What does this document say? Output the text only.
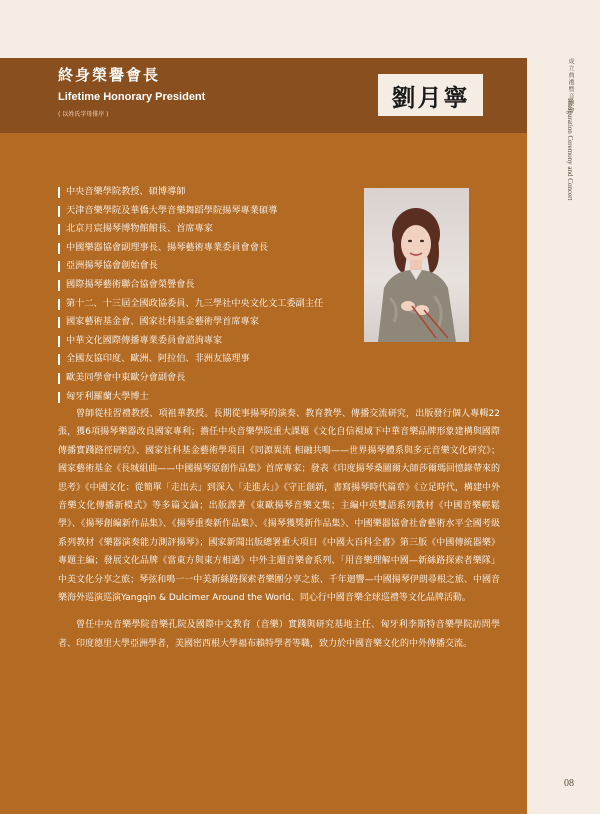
終身榮譽會長
Lifetime Honorary President
( 以姓氏字母排序 )
劉月寧
中央音樂學院教授、碩博導師
天津音樂學院及華僑大學音樂舞蹈學院揚琴專業碩導
北京月宸揚琴博物館館長、首席專家
中國樂器協會副理事長、揚琴藝術專業委員會會長
亞洲揚琴協會創始會長
國際揚琴藝術聯合協會榮譽會長
第十二、十三屆全國政協委員、九三學社中央文化文工委副主任
國家藝術基金會、國家社科基金藝術學首席專家
中華文化國際傳播專業委員會諮詢專家
全國友協印度、歐洲、阿拉伯、非洲友協理事
歐美同學會中東歐分會副會長
匈牙利羅蘭大學博士

曾師從桂習禮教授、項祖華教授。長期從事揚琴的演奏、教育教學、傳播交流研究，出版發行個人專輯22張，獲6項揚琴樂器改良國家專利；擔任中央音樂學院重大課題《文化自信視域下中華音樂品牌形象建構與國際傳播實踐路徑研究》、國家社科基金藝術學項目《同源異流 相融共鳴——世界揚琴體系與多元音樂文化研究》；國家藝術基金《長城組曲——中國揚琴原創作品集》首席專家；發表《印度揚琴桑圖爾大師莎爾瑪回憶錄帶來的思考》《中國文化：從簡單「走出去」到深入「走進去」》《守正創新，書寫揚琴時代篇章》《立足時代，構建中外音樂文化傳播新模式》等多篇文論；出版譯著《東歐揚琴音樂文集；主編中英雙語系列教材《中國音樂輕鬆學》、《揚琴創編新作品集》、《揚琴重奏新作品集》、《揚琴獲獎新作品集》、中國樂器協會社會藝術水平全國考級系列教材《樂器演奏能力測評揚琴》；國家新聞出版總署重大項目《中國大百科全書》第三版《中國傳統器樂》專題主編；發展文化品牌《當東方與東方相遇》中外主題音樂會系列、「用音樂理解中國—新絲路探索者樂隊」中美文化分享之旅；琴弦和鳴一一中美新絲路探索者樂團分享之旅、千年迴響—中國揚琴伊朗尋根之旅、中國音樂海外巡演巡演Yangqin & Dulcimer Around the World、同心行中國音樂全球巡禮等文化品牌活動。

曾任中央音樂學院音樂孔院及國際中文教育（音樂）實踐與研究基地主任、匈牙利李斯特音樂學院訪問學者、印度德里大學亞洲學者，美國密西根大學福布賴特學者等職，致力於中國音樂文化的中外傳播交流。

成立典禮暨音樂會
Inauguration Ceremony and Concert
08
